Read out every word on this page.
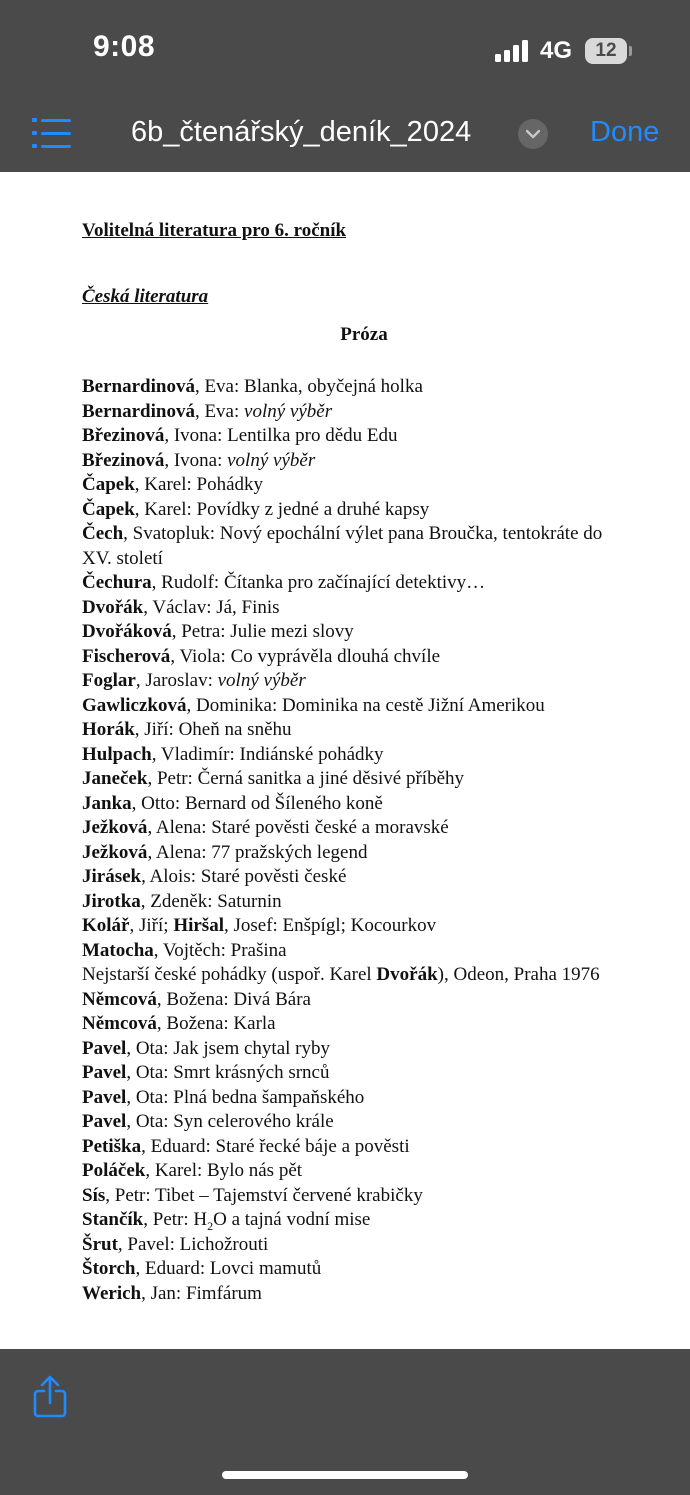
9:08	4G 12
6b_čtenářský_deník_2024	Done
Volitelná literatura pro 6. ročník
Česká literatura
Próza

Bernardinová, Eva: Blanka, obyčejná holka

Bernardinová, Eva: volný výběr

Březinová, Ivona: Lentilka pro dědu Edu

Březinová, Ivona: volný výběr

Čapek, Karel: Pohádky

Čapek, Karel: Povídky z jedné a druhé kapsy

Čech, Svatopluk: Nový epochální výlet pana Broučka, tentokráte do XV. století

Čechura, Rudolf: Čítanka pro začínající detektivy…

Dvořák, Václav: Já, Finis

Dvořáková, Petra: Julie mezi slovy

Fischerová, Viola: Co vyprávěla dlouhá chvíle

Foglar, Jaroslav: volný výběr

Gawliczková, Dominika: Dominika na cestě Jižní Amerikou

Horák, Jiří: Oheň na sněhu

Hulpach, Vladimír: Indiánské pohádky

Janeček, Petr: Černá sanitka a jiné děsivé příběhy

Janka, Otto: Bernard od Šíleného koně

Ježková, Alena: Staré pověsti české a moravské

Ježková, Alena: 77 pražských legend

Jirásek, Alois: Staré pověsti české

Jirotka, Zdeněk: Saturnin

Kolář, Jiří; Hiršal, Josef: Enšpígl; Kocourkov

Matocha, Vojtěch: Prašina

Nejstarší české pohádky (uspoř. Karel Dvořák), Odeon, Praha 1976

Němcová, Božena: Divá Bára

Němcová, Božena: Karla

Pavel, Ota: Jak jsem chytal ryby

Pavel, Ota: Smrt krásných srnců

Pavel, Ota: Plná bedna šampaňského

Pavel, Ota: Syn celerového krále

Petiška, Eduard: Staré řecké báje a pověsti

Poláček, Karel: Bylo nás pět

Sís, Petr: Tibet – Tajemství červené krabičky

Stančík, Petr: $H_2O$ a tajná vodní mise

Šrut, Pavel: Lichožrouti

Štorch, Eduard: Lovci mamutů

Werich, Jan: Fimfárum
